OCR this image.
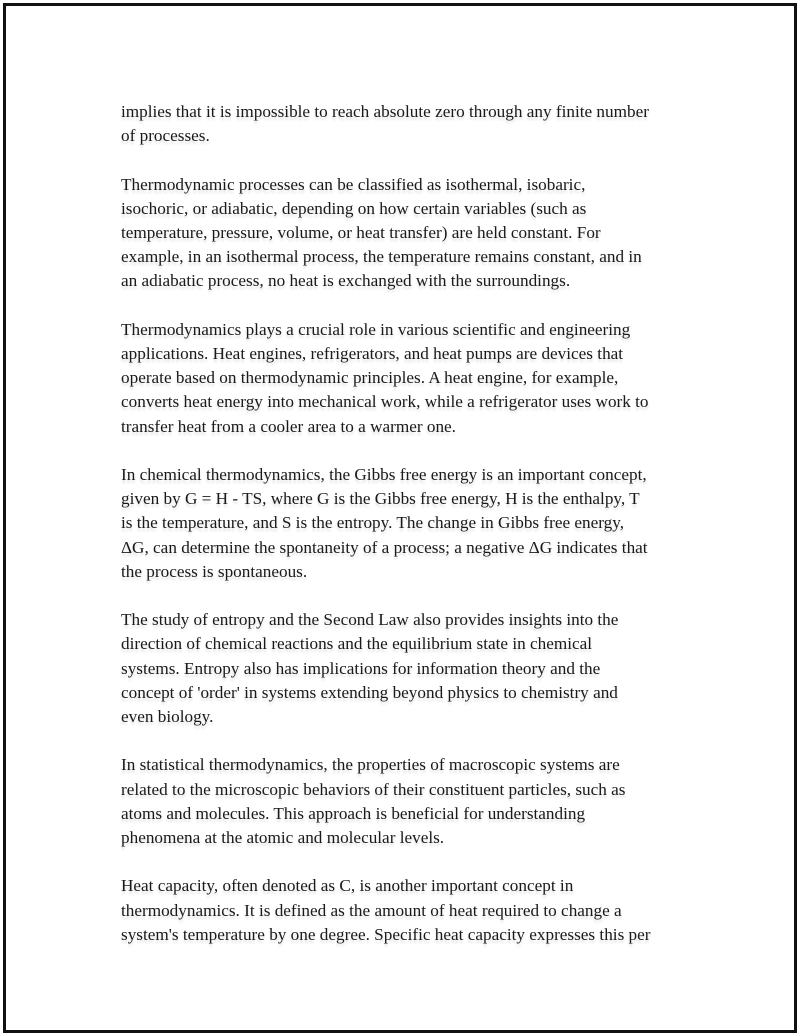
implies that it is impossible to reach absolute zero through any finite number
of processes.

Thermodynamic processes can be classified as isothermal, isobaric,
isochoric, or adiabatic, depending on how certain variables (such as
temperature, pressure, volume, or heat transfer) are held constant. For
example, in an isothermal process, the temperature remains constant, and in
an adiabatic process, no heat is exchanged with the surroundings.

Thermodynamics plays a crucial role in various scientific and engineering
applications. Heat engines, refrigerators, and heat pumps are devices that
operate based on thermodynamic principles. A heat engine, for example,
converts heat energy into mechanical work, while a refrigerator uses work to
transfer heat from a cooler area to a warmer one.

In chemical thermodynamics, the Gibbs free energy is an important concept,
given by G = H - TS, where G is the Gibbs free energy, H is the enthalpy, T
is the temperature, and S is the entropy. The change in Gibbs free energy,
ΔG, can determine the spontaneity of a process; a negative ΔG indicates that
the process is spontaneous.

The study of entropy and the Second Law also provides insights into the
direction of chemical reactions and the equilibrium state in chemical
systems. Entropy also has implications for information theory and the
concept of 'order' in systems extending beyond physics to chemistry and
even biology.

In statistical thermodynamics, the properties of macroscopic systems are
related to the microscopic behaviors of their constituent particles, such as
atoms and molecules. This approach is beneficial for understanding
phenomena at the atomic and molecular levels.

Heat capacity, often denoted as C, is another important concept in
thermodynamics. It is defined as the amount of heat required to change a
system's temperature by one degree. Specific heat capacity expresses this per
